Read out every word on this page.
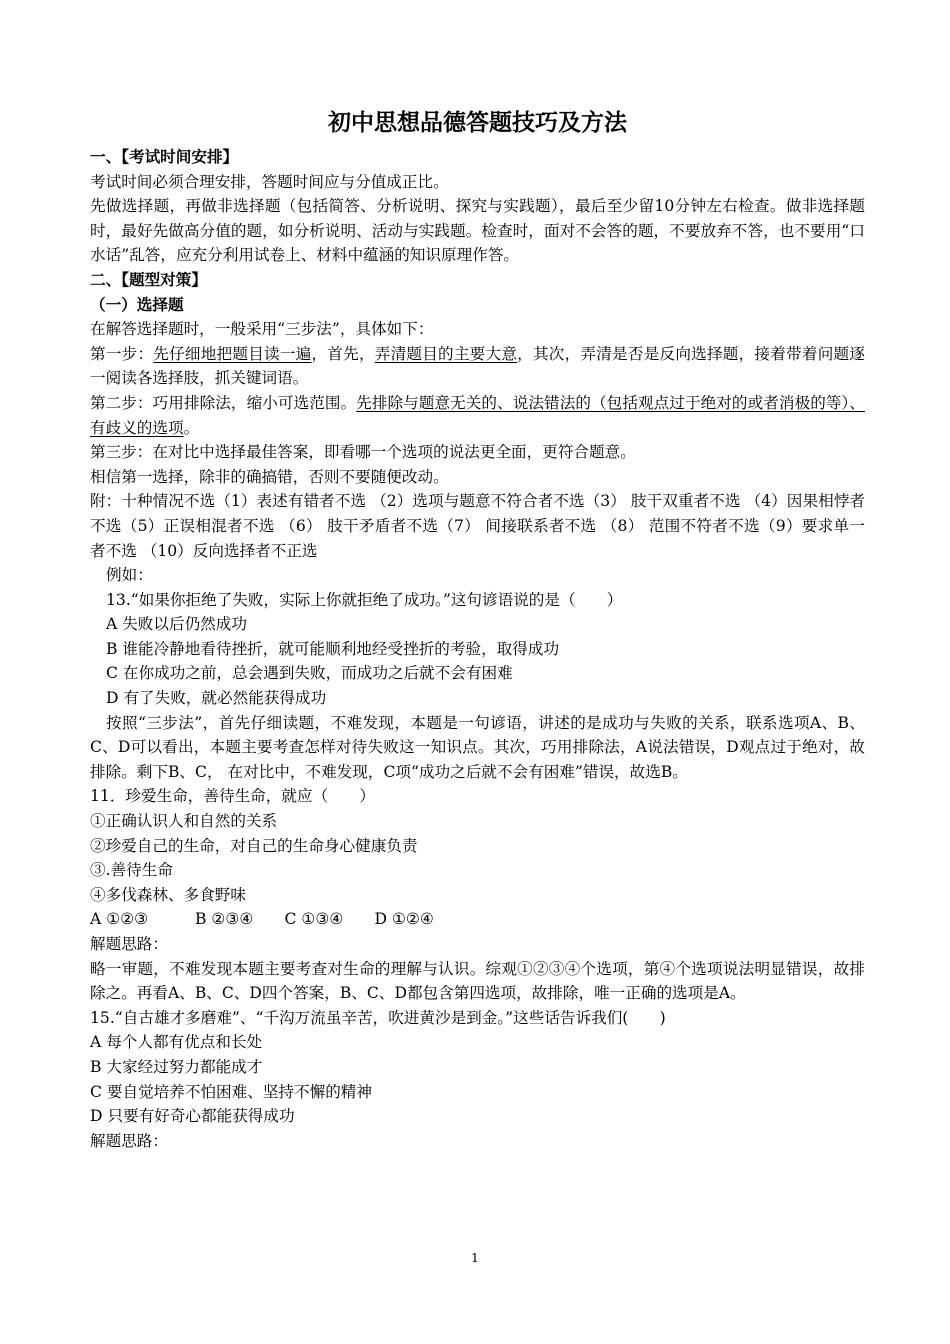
初中思想品德答题技巧及方法
一、【考试时间安排】
考试时间必须合理安排，答题时间应与分值成正比。
先做选择题，再做非选择题（包括简答、分析说明、探究与实践题），最后至少留10分钟左右检查。做非选择题时，最好先做高分值的题，如分析说明、活动与实践题。检查时，面对不会答的题，不要放弃不答，也不要用“口水话”乱答，应充分利用试卷上、材料中蕴涵的知识原理作答。
二、【题型对策】
（一）选择题
在解答选择题时，一般采用“三步法”，具体如下：
第一步：先仔细地把题目读一遍，首先，弄清题目的主要大意，其次，弄清是否是反向选择题，接着带着问题逐一阅读各选择肢，抓关键词语。
第二步：巧用排除法，缩小可选范围。先排除与题意无关的、说法错法的（包括观点过于绝对的或者消极的等）、有歧义的选项。
第三步：在对比中选择最佳答案，即看哪一个选项的说法更全面，更符合题意。
相信第一选择，除非的确搞错，否则不要随便改动。
附：十种情况不选（1）表述有错者不选 （2）选项与题意不符合者不选（3） 肢干双重者不选 （4）因果相悖者不选（5）正误相混者不选 （6） 肢干矛盾者不选（7） 间接联系者不选 （8） 范围不符者不选（9）要求单一者不选 （10）反向选择者不正选
例如：
13.“如果你拒绝了失败，实际上你就拒绝了成功。”这句谚语说的是（　　）
A 失败以后仍然成功
B 谁能冷静地看待挫折，就可能顺利地经受挫折的考验，取得成功
C 在你成功之前，总会遇到失败，而成功之后就不会有困难
D 有了失败，就必然能获得成功
按照“三步法”，首先仔细读题，不难发现，本题是一句谚语，讲述的是成功与失败的关系，联系选项A、B、C、D可以看出，本题主要考查怎样对待失败这一知识点。其次，巧用排除法，A说法错误，D观点过于绝对，故排除。剩下B、C， 在对比中，不难发现，C项“成功之后就不会有困难”错误，故选B。
11．珍爱生命，善待生命，就应（　　）
①正确认识人和自然的关系
②珍爱自己的生命，对自己的生命身心健康负责
③.善待生命
④多伐森林、多食野味
A ①②③　　　B ②③④　　C ①③④　　D ①②④
解题思路：
略一审题，不难发现本题主要考查对生命的理解与认识。综观①②③④个选项，第④个选项说法明显错误，故排除之。再看A、B、C、D四个答案，B、C、D都包含第四选项，故排除，唯一正确的选项是A。
15.“自古雄才多磨难”、“千沟万流虽辛苦，吹进黄沙是到金。”这些话告诉我们(　　)
A 每个人都有优点和长处
B 大家经过努力都能成才
C 要自觉培养不怕困难、坚持不懈的精神
D 只要有好奇心都能获得成功
解题思路：
1
